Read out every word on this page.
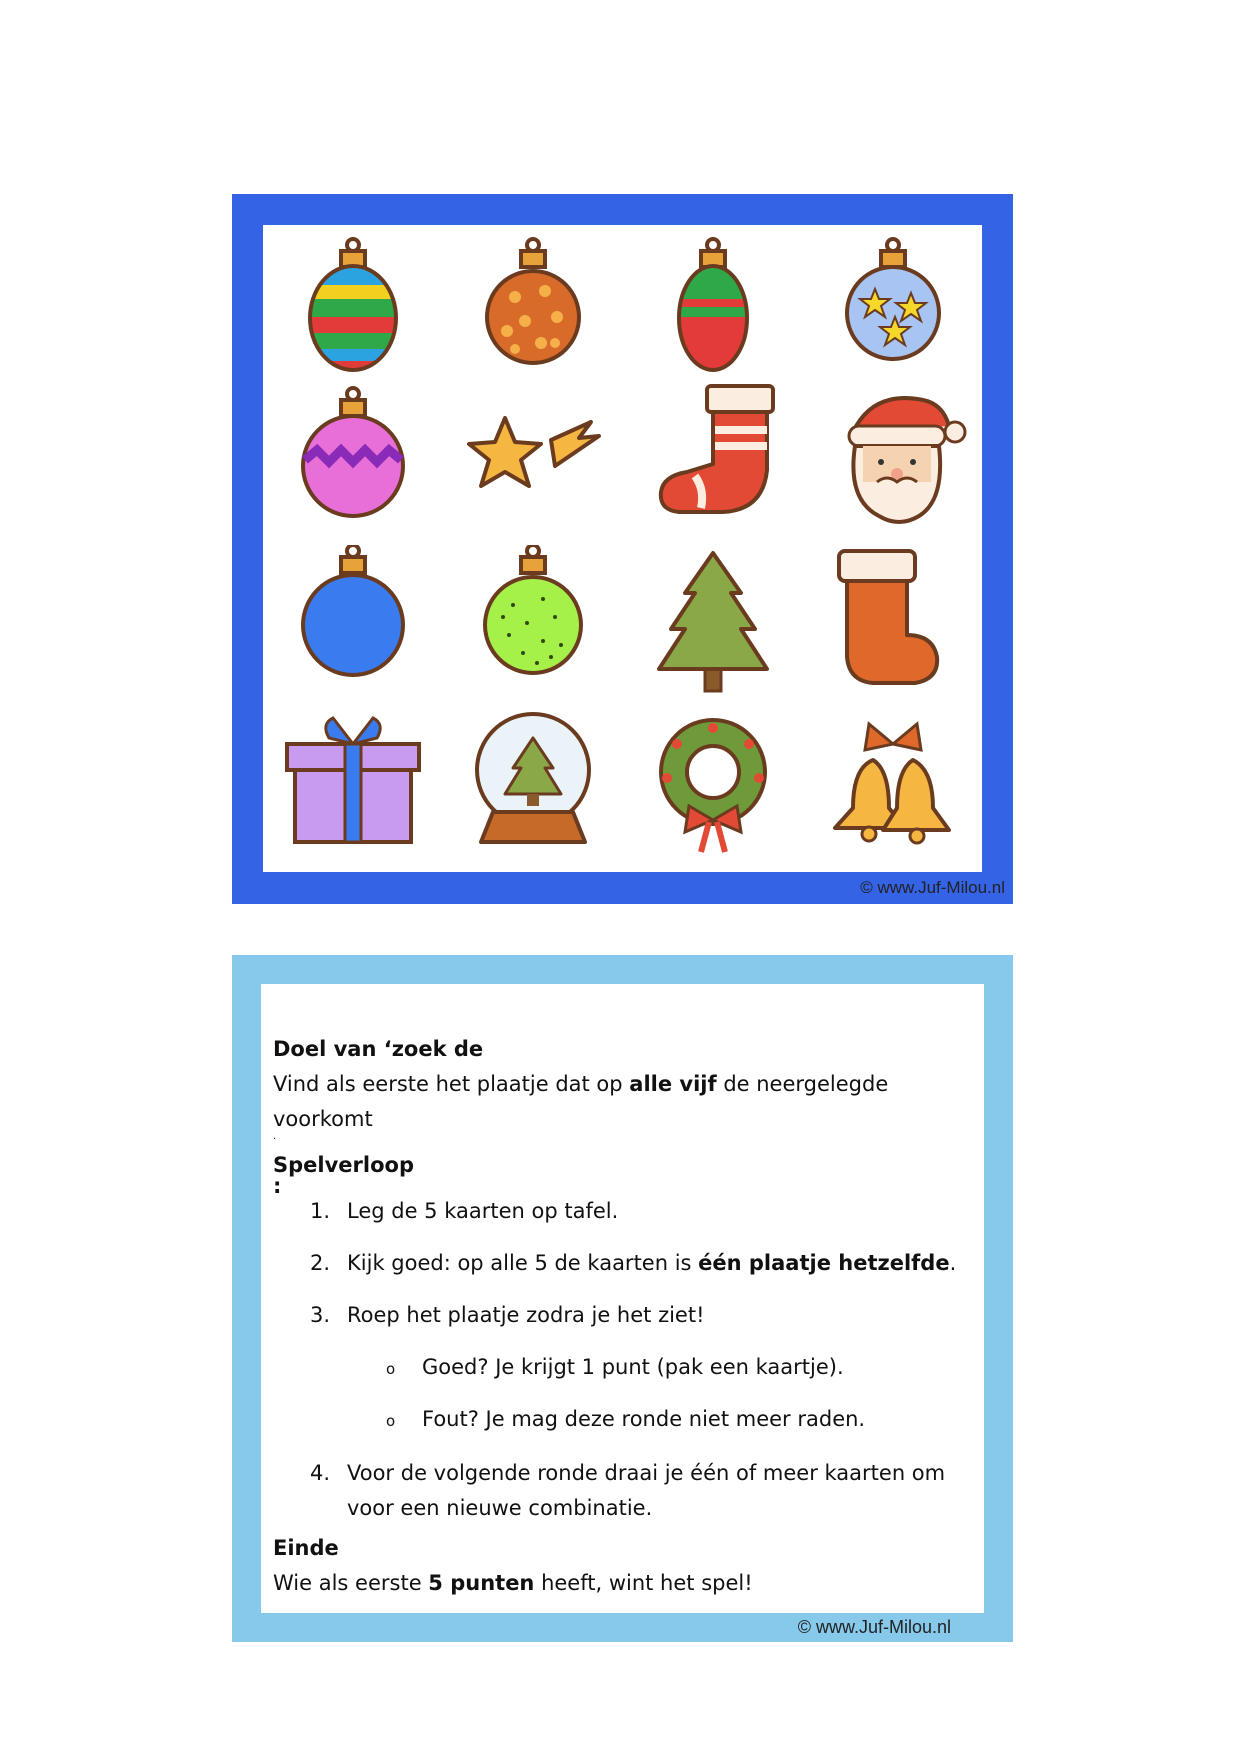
© www.Juf-Milou.nl
Doel van ‘zoek de
Vind als eerste het plaatje dat op alle vijf de neergelegde
voorkomt
.
Spelverloop
:
1. Leg de 5 kaarten op tafel.
2. Kijk goed: op alle 5 de kaarten is één plaatje hetzelfde.
3. Roep het plaatje zodra je het ziet!
o Goed? Je krijgt 1 punt (pak een kaartje).
o Fout? Je mag deze ronde niet meer raden.
4. Voor de volgende ronde draai je één of meer kaarten om
voor een nieuwe combinatie.
Einde
Wie als eerste 5 punten heeft, wint het spel!
© www.Juf-Milou.nl
